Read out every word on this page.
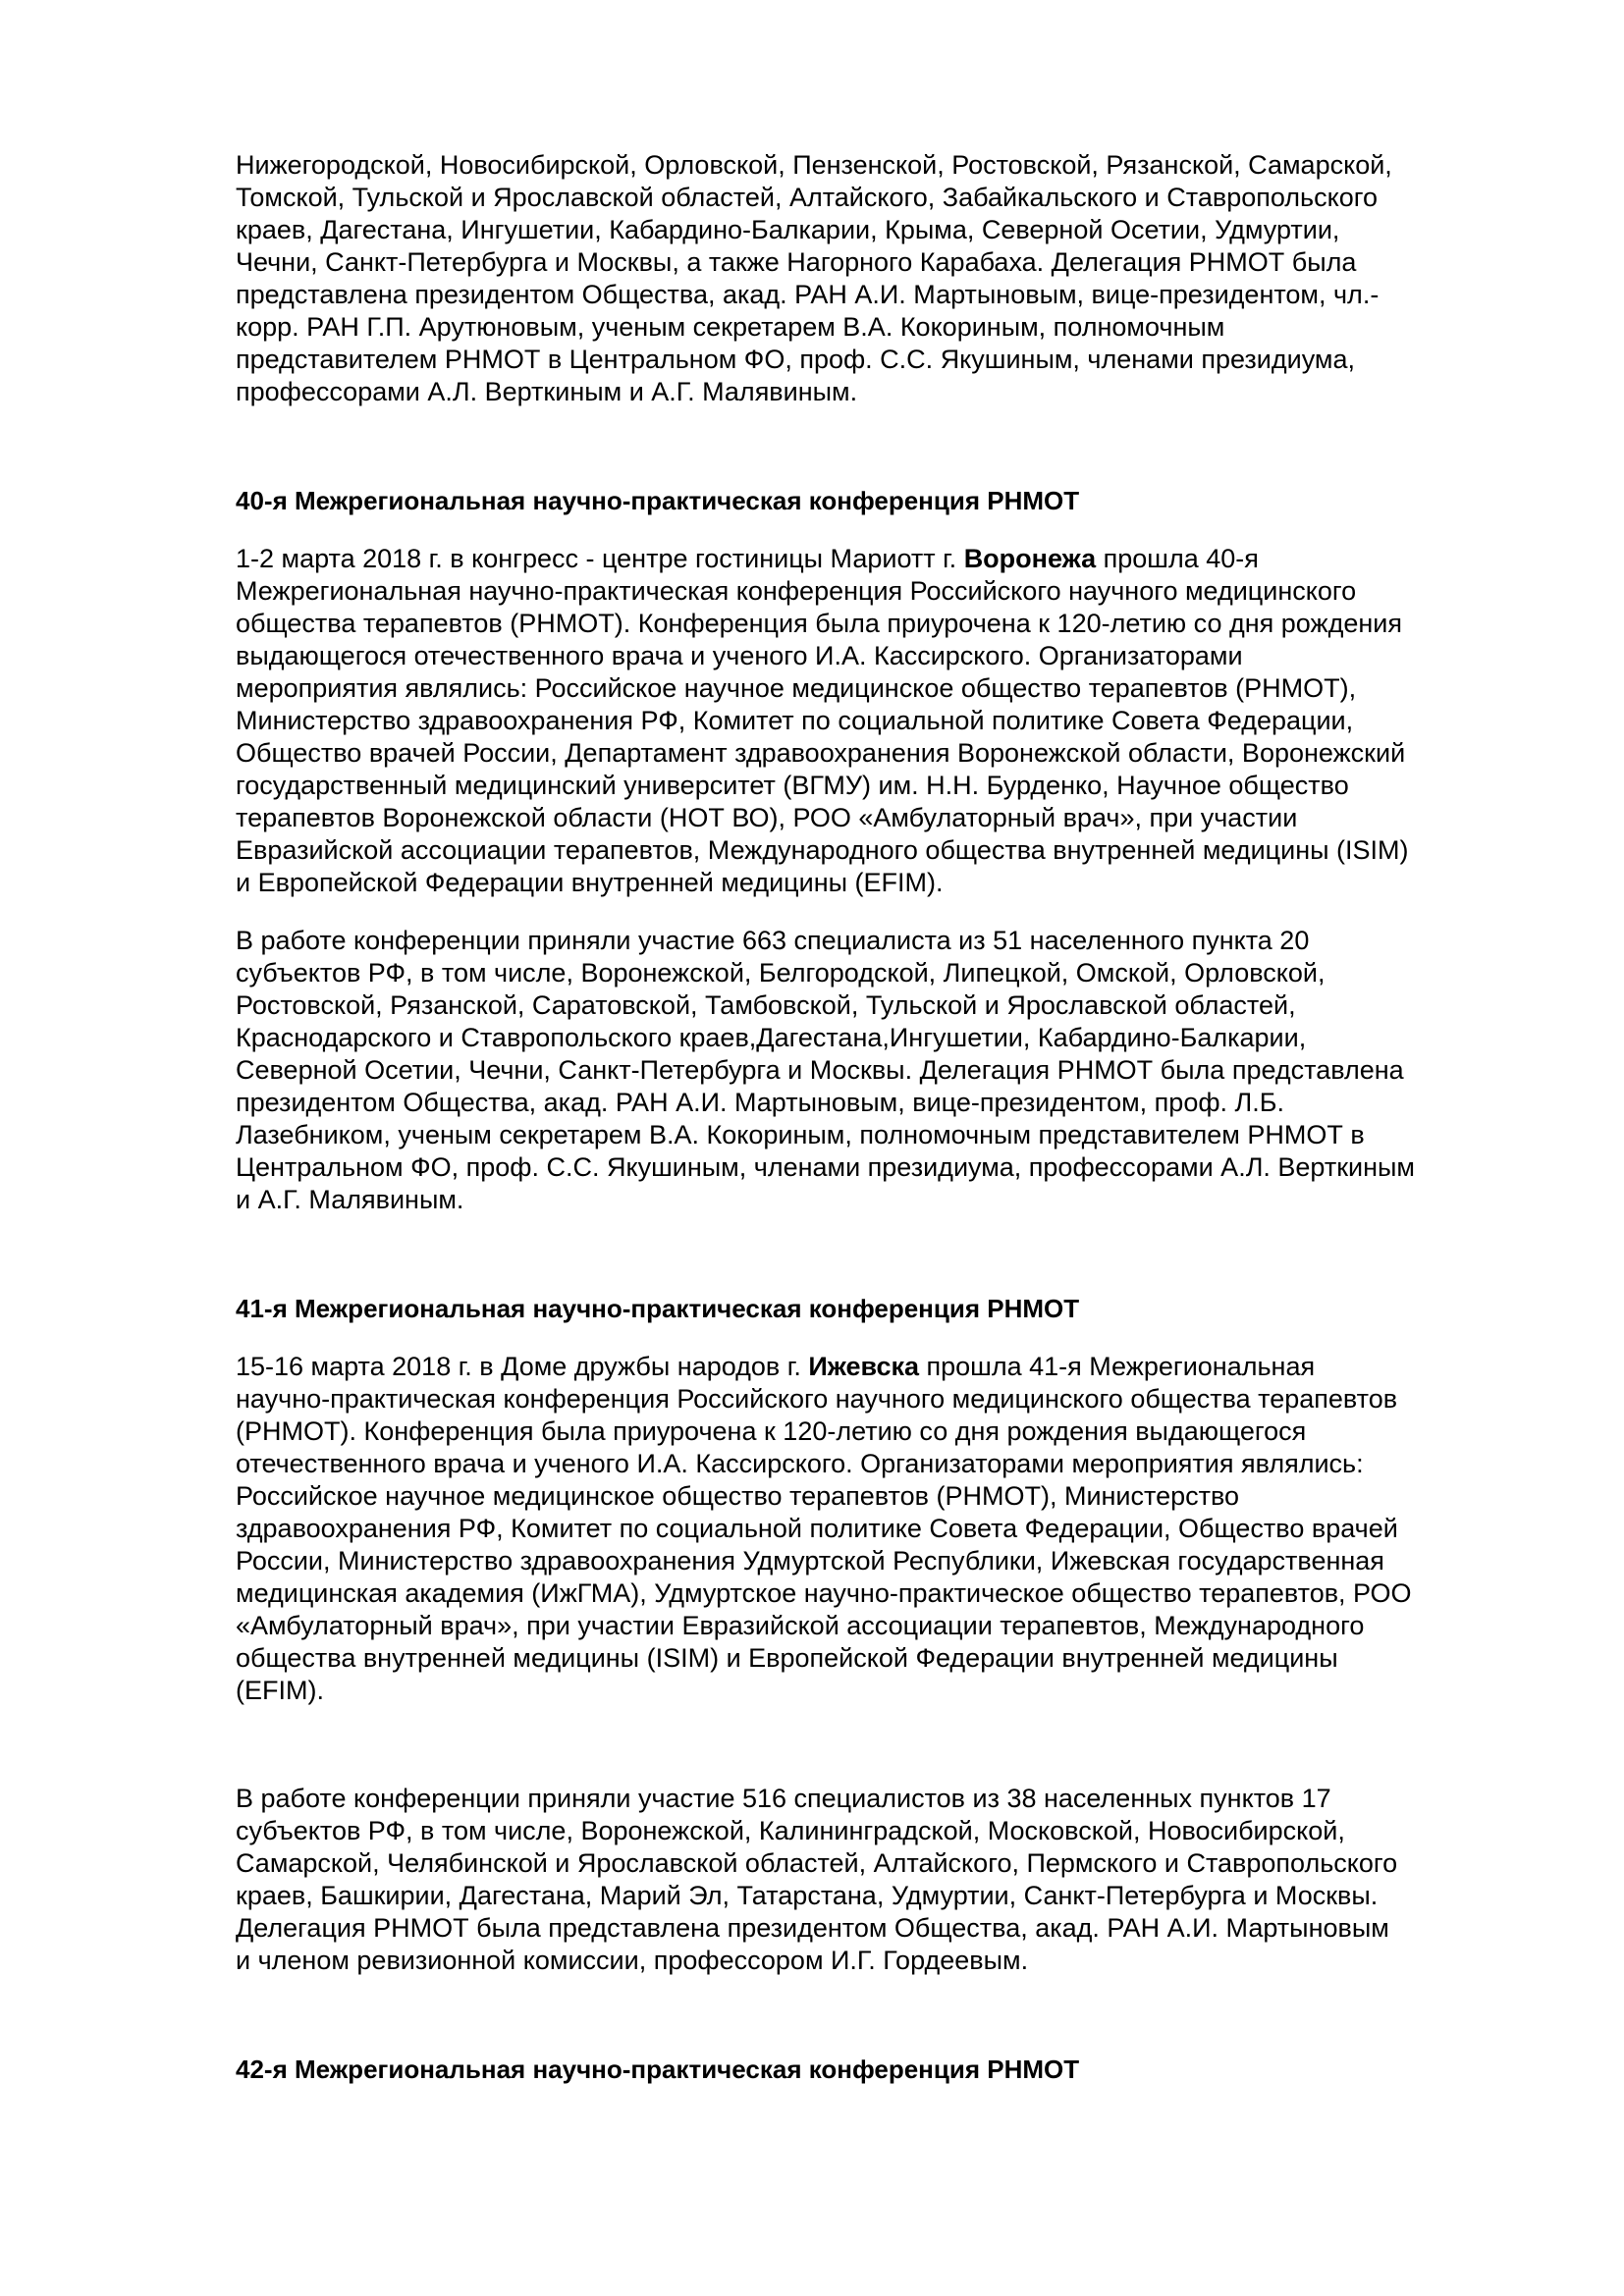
Нижегородской, Новосибирской, Орловской, Пензенской, Ростовской, Рязанской, Самарской,
Томской, Тульской и Ярославской областей, Алтайского, Забайкальского и Ставропольского
краев, Дагестана, Ингушетии, Кабардино-Балкарии, Крыма, Северной Осетии, Удмуртии,
Чечни, Санкт-Петербурга и Москвы, а также Нагорного Карабаха. Делегация РНМОТ была
представлена президентом Общества, акад. РАН А.И. Мартыновым, вице-президентом, чл.-
корр. РАН Г.П. Арутюновым, ученым секретарем В.А. Кокориным, полномочным
представителем РНМОТ в Центральном ФО, проф. С.С. Якушиным, членами президиума,
профессорами А.Л. Верткиным и А.Г. Малявиным.

40-я Межрегиональная научно-практическая конференция РНМОТ

1-2 марта 2018 г. в конгресс - центре гостиницы Мариотт г. Воронежа прошла 40-я
Межрегиональная научно-практическая конференция Российского научного медицинского
общества терапевтов (РНМОТ). Конференция была приурочена к 120-летию со дня рождения
выдающегося отечественного врача и ученого И.А. Кассирского. Организаторами
мероприятия являлись: Российское научное медицинское общество терапевтов (РНМОТ),
Министерство здравоохранения РФ, Комитет по социальной политике Совета Федерации,
Общество врачей России, Департамент здравоохранения Воронежской области, Воронежский
государственный медицинский университет (ВГМУ) им. Н.Н. Бурденко, Научное общество
терапевтов Воронежской области (НОТ ВО), РОО «Амбулаторный врач», при участии
Евразийской ассоциации терапевтов, Международного общества внутренней медицины (ISIM)
и Европейской Федерации внутренней медицины (EFIM).

В работе конференции приняли участие 663 специалиста из 51 населенного пункта 20
субъектов РФ, в том числе, Воронежской, Белгородской, Липецкой, Омской, Орловской,
Ростовской, Рязанской, Саратовской, Тамбовской, Тульской и Ярославской областей,
Краснодарского и Ставропольского краев,Дагестана,Ингушетии, Кабардино-Балкарии,
Северной Осетии, Чечни, Санкт-Петербурга и Москвы. Делегация РНМОТ была представлена
президентом Общества, акад. РАН А.И. Мартыновым, вице-президентом, проф. Л.Б.
Лазебником, ученым секретарем В.А. Кокориным, полномочным представителем РНМОТ в
Центральном ФО, проф. С.С. Якушиным, членами президиума, профессорами А.Л. Верткиным
и А.Г. Малявиным.

41-я Межрегиональная научно-практическая конференция РНМОТ

15-16 марта 2018 г. в Доме дружбы народов г. Ижевска прошла 41-я Межрегиональная
научно-практическая конференция Российского научного медицинского общества терапевтов
(РНМОТ). Конференция была приурочена к 120-летию со дня рождения выдающегося
отечественного врача и ученого И.А. Кассирского. Организаторами мероприятия являлись:
Российское научное медицинское общество терапевтов (РНМОТ), Министерство
здравоохранения РФ, Комитет по социальной политике Совета Федерации, Общество врачей
России, Министерство здравоохранения Удмуртской Республики, Ижевская государственная
медицинская академия (ИжГМА), Удмуртское научно-практическое общество терапевтов, РОО
«Амбулаторный врач», при участии Евразийской ассоциации терапевтов, Международного
общества внутренней медицины (ISIM) и Европейской Федерации внутренней медицины
(EFIM).

В работе конференции приняли участие 516 специалистов из 38 населенных пунктов 17
субъектов РФ, в том числе, Воронежской, Калининградской, Московской, Новосибирской,
Самарской, Челябинской и Ярославской областей, Алтайского, Пермского и Ставропольского
краев, Башкирии, Дагестана, Марий Эл, Татарстана, Удмуртии, Санкт-Петербурга и Москвы.
Делегация РНМОТ была представлена президентом Общества, акад. РАН А.И. Мартыновым
и членом ревизионной комиссии, профессором И.Г. Гордеевым.

42-я Межрегиональная научно-практическая конференция РНМОТ
